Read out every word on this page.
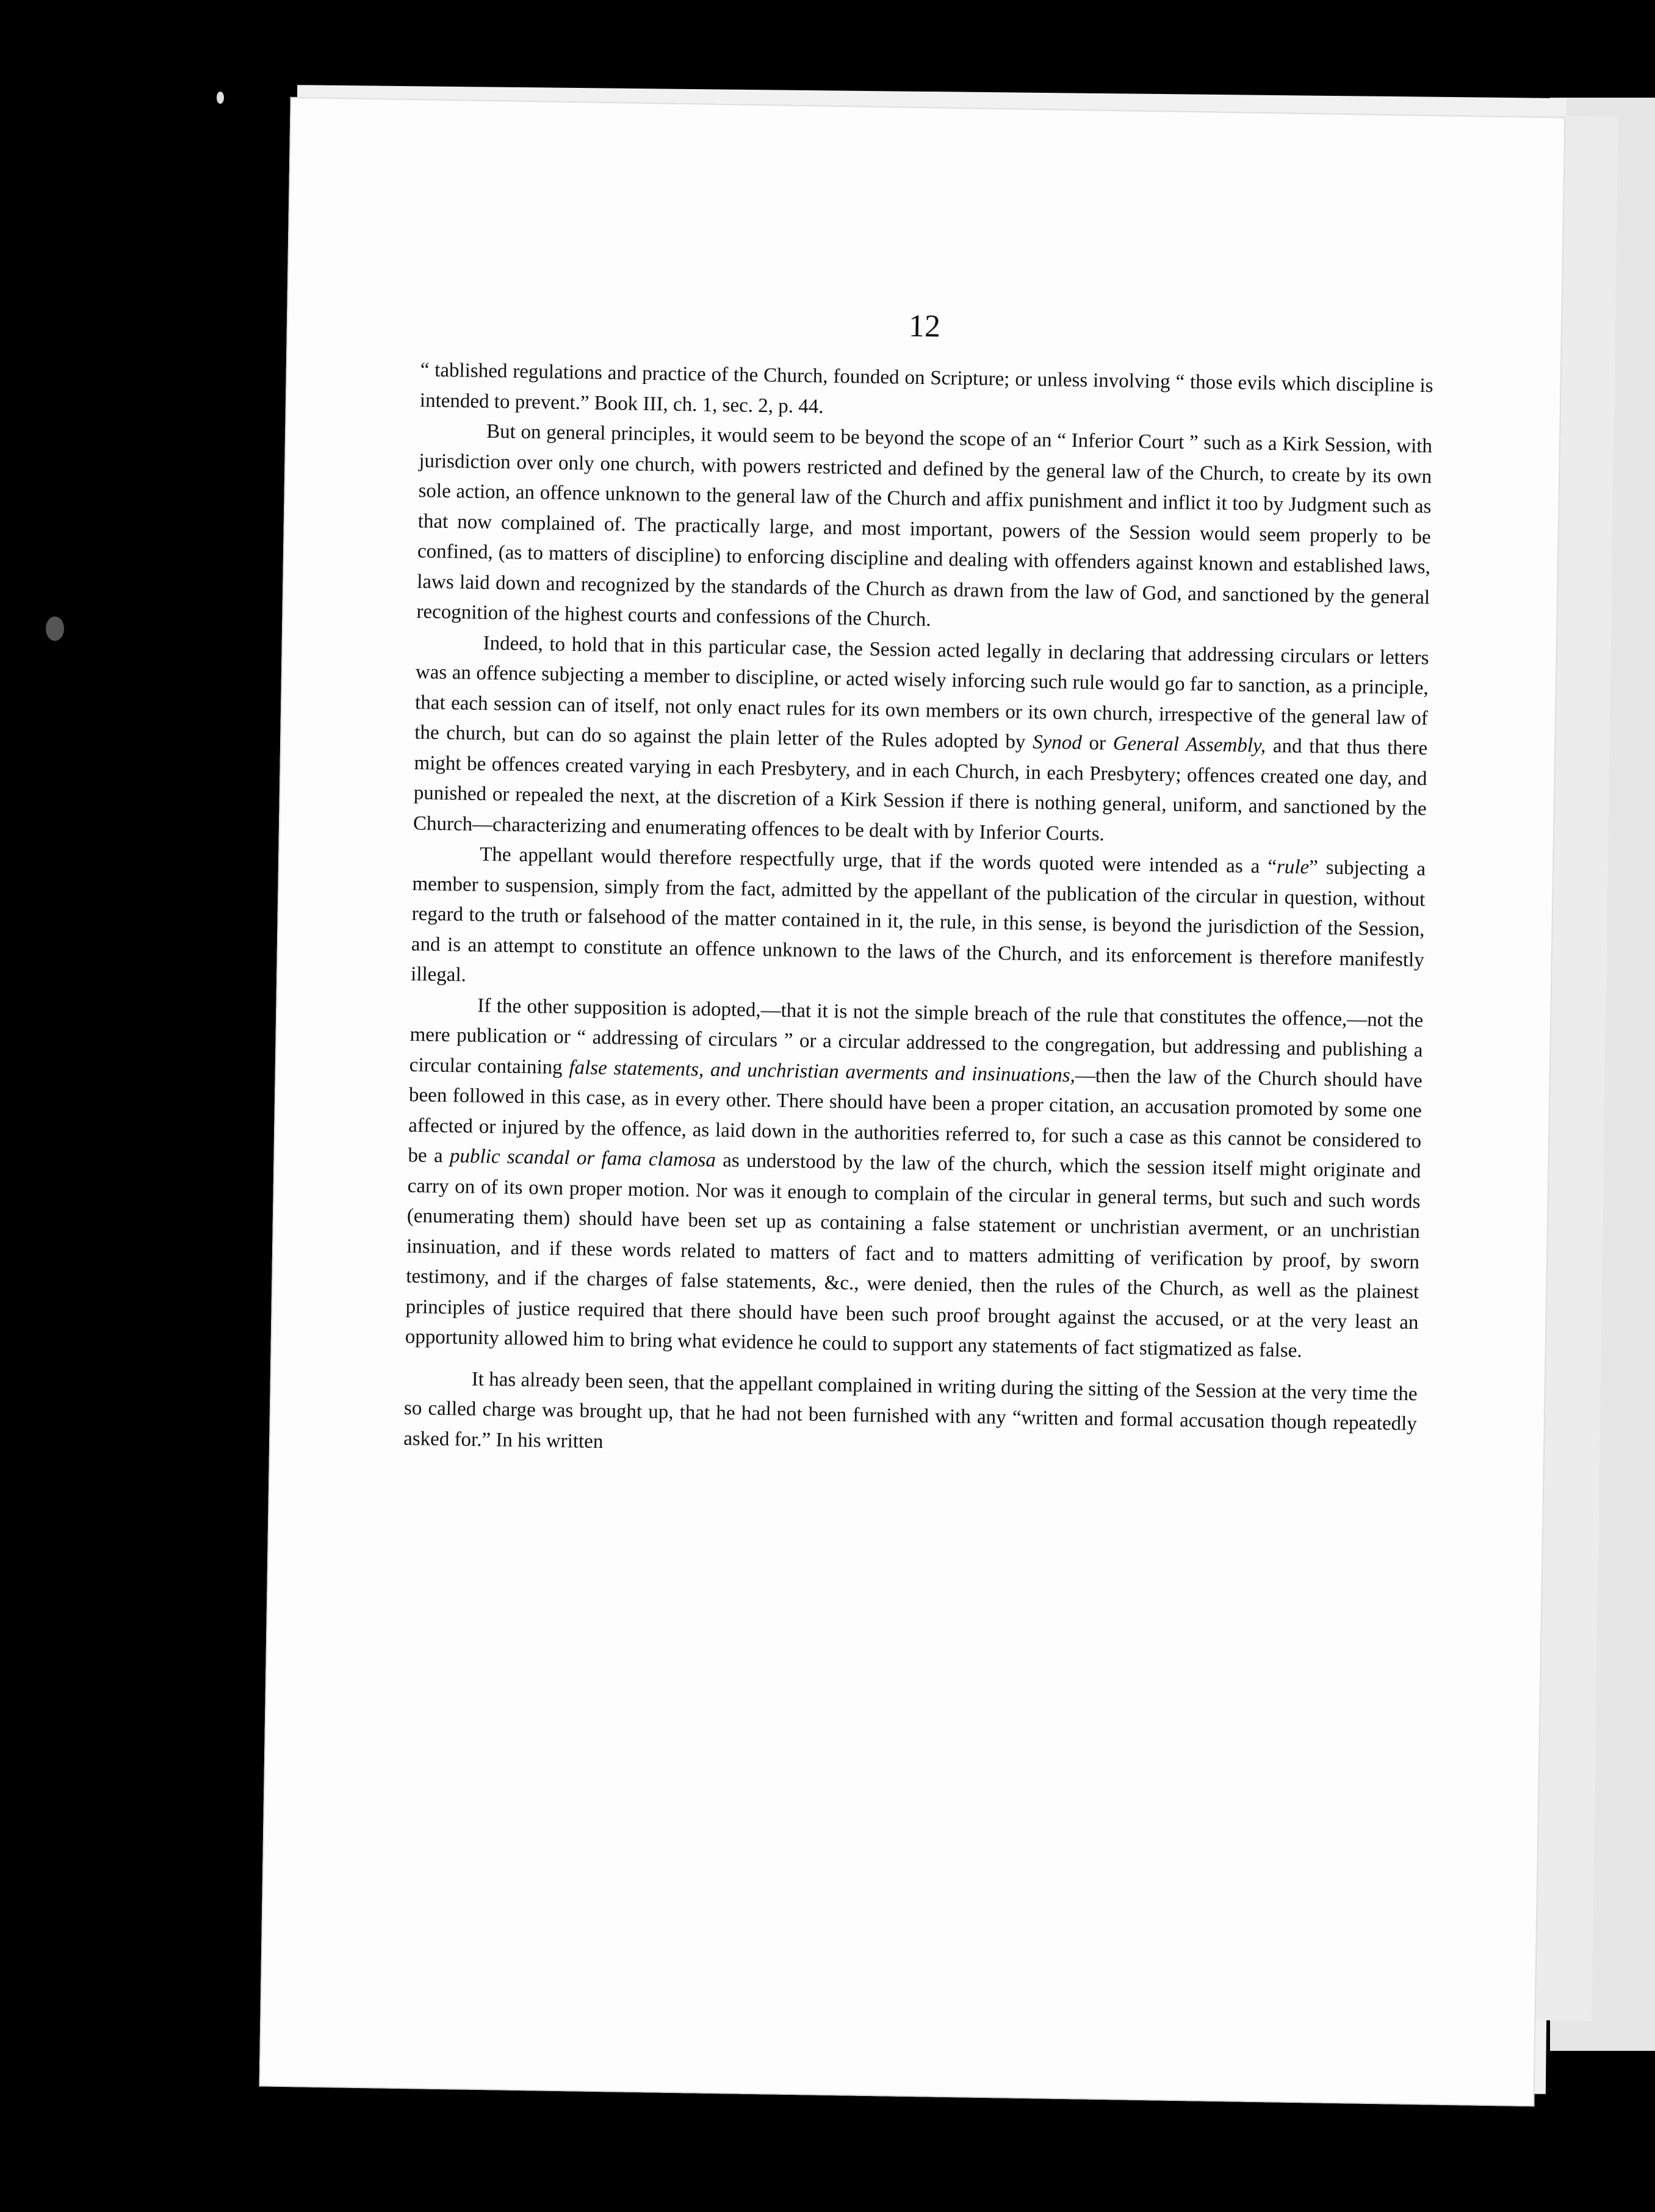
12

“ tablished regulations and practice of the Church, founded on Scripture; or unless involving “ those evils which discipline is intended to prevent.” Book III, ch. 1, sec. 2, p. 44.

But on general principles, it would seem to be beyond the scope of an “ Inferior Court ” such as a Kirk Session, with jurisdiction over only one church, with powers restricted and defined by the general law of the Church, to create by its own sole action, an offence unknown to the general law of the Church and affix punishment and inflict it too by Judgment such as that now complained of. The practically large, and most important, powers of the Session would seem properly to be confined, (as to matters of discipline) to enforcing discipline and dealing with offenders against known and established laws, laws laid down and recognized by the standards of the Church as drawn from the law of God, and sanctioned by the general recognition of the highest courts and confessions of the Church.

Indeed, to hold that in this particular case, the Session acted legally in declaring that addressing circulars or letters was an offence subjecting a member to discipline, or acted wisely inforcing such rule would go far to sanction, as a principle, that each session can of itself, not only enact rules for its own members or its own church, irrespective of the general law of the church, but can do so against the plain letter of the Rules adopted by Synod or General Assembly, and that thus there might be offences created varying in each Presbytery, and in each Church, in each Presbytery; offences created one day, and punished or repealed the next, at the discretion of a Kirk Session if there is nothing general, uniform, and sanctioned by the Church—characterizing and enumerating offences to be dealt with by Inferior Courts.

The appellant would therefore respectfully urge, that if the words quoted were intended as a “rule” subjecting a member to suspension, simply from the fact, admitted by the appellant of the publication of the circular in question, without regard to the truth or falsehood of the matter contained in it, the rule, in this sense, is beyond the jurisdiction of the Session, and is an attempt to constitute an offence unknown to the laws of the Church, and its enforcement is therefore manifestly illegal.

If the other supposition is adopted,—that it is not the simple breach of the rule that constitutes the offence,—not the mere publication or “ addressing of circulars ” or a circular addressed to the congregation, but addressing and publishing a circular containing false statements, and unchristian averments and insinuations,—then the law of the Church should have been followed in this case, as in every other. There should have been a proper citation, an accusation promoted by some one affected or injured by the offence, as laid down in the authorities referred to, for such a case as this cannot be considered to be a public scandal or fama clamosa as understood by the law of the church, which the session itself might originate and carry on of its own proper motion. Nor was it enough to complain of the circular in general terms, but such and such words (enumerating them) should have been set up as containing a false statement or unchristian averment, or an unchristian insinuation, and if these words related to matters of fact and to matters admitting of verification by proof, by sworn testimony, and if the charges of false statements, &c., were denied, then the rules of the Church, as well as the plainest principles of justice required that there should have been such proof brought against the accused, or at the very least an opportunity allowed him to bring what evidence he could to support any statements of fact stigmatized as false.

It has already been seen, that the appellant complained in writing during the sitting of the Session at the very time the so called charge was brought up, that he had not been furnished with any “written and formal accusation though repeatedly asked for.” In his written
